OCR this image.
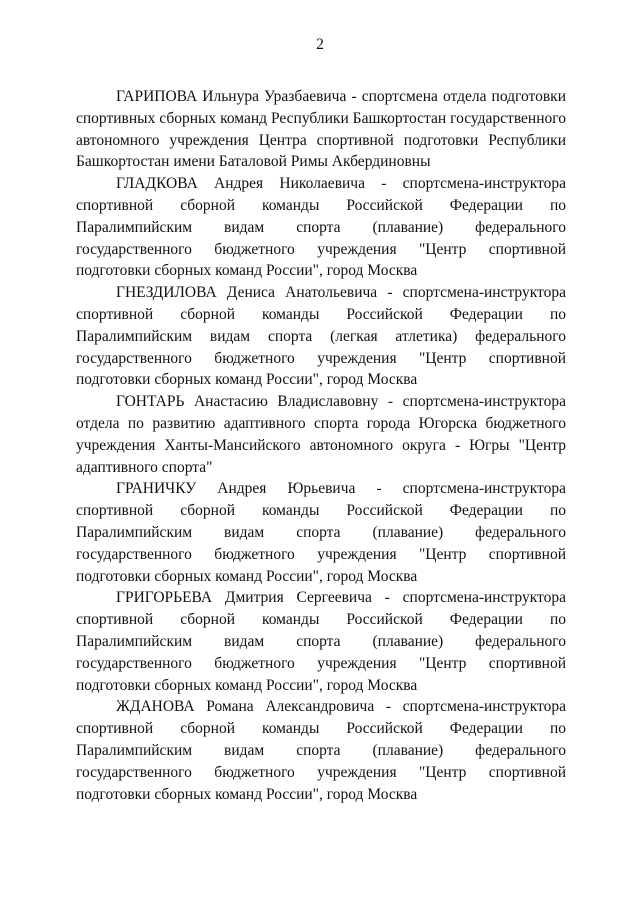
2

ГАРИПОВА Ильнура Уразбаевича - спортсмена отдела подготовки спортивных сборных команд Республики Башкортостан государственного автономного учреждения Центра спортивной подготовки Республики Башкортостан имени Баталовой Римы Акбердиновны

ГЛАДКОВА Андрея Николаевича - спортсмена-инструктора спортивной сборной команды Российской Федерации по Паралимпийским видам спорта (плавание) федерального государственного бюджетного учреждения "Центр спортивной подготовки сборных команд России", город Москва

ГНЕЗДИЛОВА Дениса Анатольевича - спортсмена-инструктора спортивной сборной команды Российской Федерации по Паралимпийским видам спорта (легкая атлетика) федерального государственного бюджетного учреждения "Центр спортивной подготовки сборных команд России", город Москва

ГОНТАРЬ Анастасию Владиславовну - спортсмена-инструктора отдела по развитию адаптивного спорта города Югорска бюджетного учреждения Ханты-Мансийского автономного округа - Югры "Центр адаптивного спорта"

ГРАНИЧКУ Андрея Юрьевича - спортсмена-инструктора спортивной сборной команды Российской Федерации по Паралимпийским видам спорта (плавание) федерального государственного бюджетного учреждения "Центр спортивной подготовки сборных команд России", город Москва

ГРИГОРЬЕВА Дмитрия Сергеевича - спортсмена-инструктора спортивной сборной команды Российской Федерации по Паралимпийским видам спорта (плавание) федерального государственного бюджетного учреждения "Центр спортивной подготовки сборных команд России", город Москва

ЖДАНОВА Романа Александровича - спортсмена-инструктора спортивной сборной команды Российской Федерации по Паралимпийским видам спорта (плавание) федерального государственного бюджетного учреждения "Центр спортивной подготовки сборных команд России", город Москва
